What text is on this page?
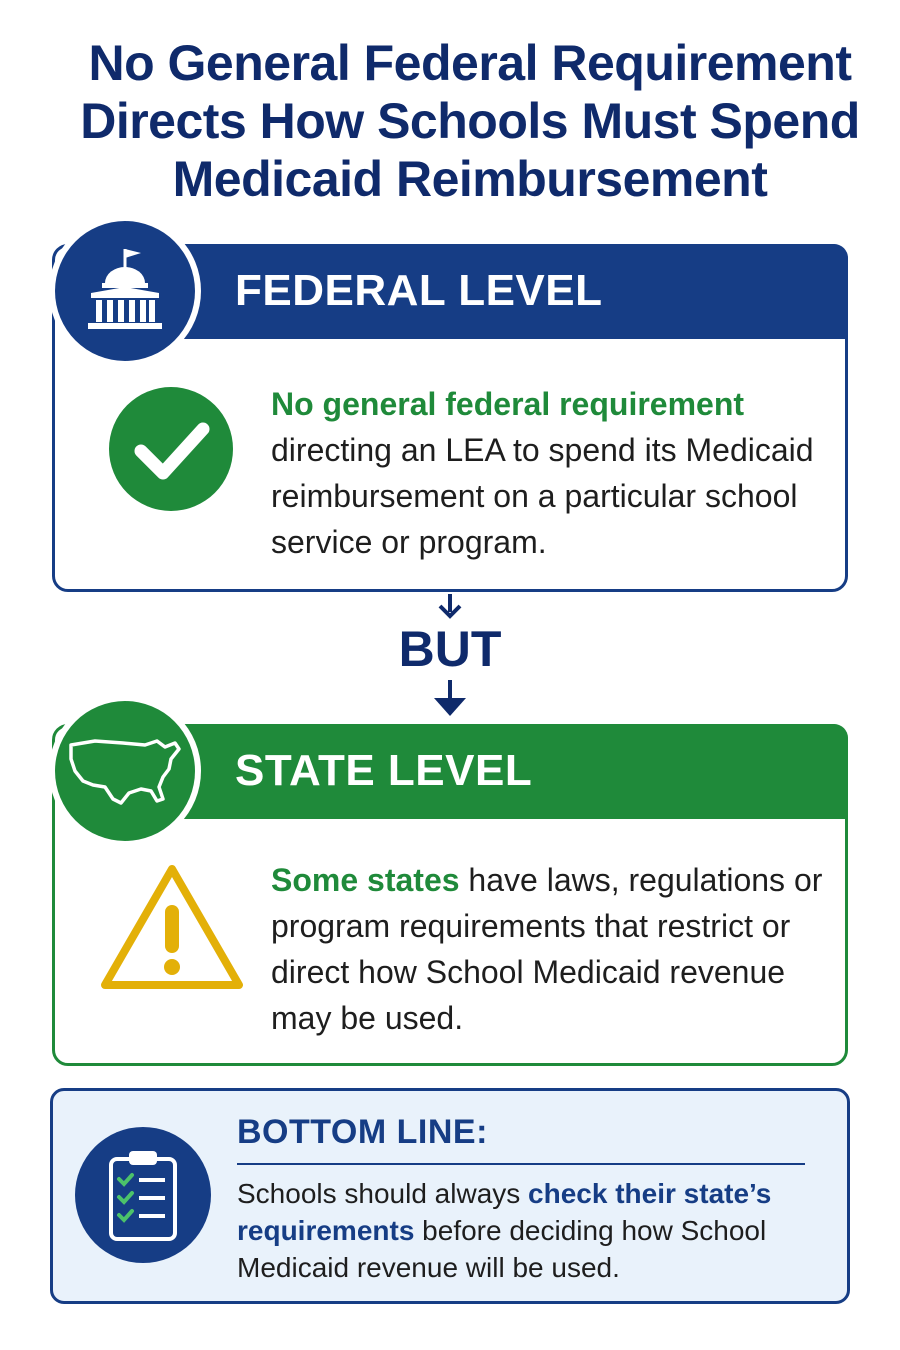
No General Federal Requirement
Directs How Schools Must Spend
Medicaid Reimbursement
FEDERAL LEVEL
No general federal requirement directing an LEA to spend its Medicaid reimbursement on a particular school service or program.
BUT
STATE LEVEL
Some states have laws, regulations or program requirements that restrict or direct how School Medicaid revenue may be used.
BOTTOM LINE:
Schools should always check their state’s requirements before deciding how School Medicaid revenue will be used.
